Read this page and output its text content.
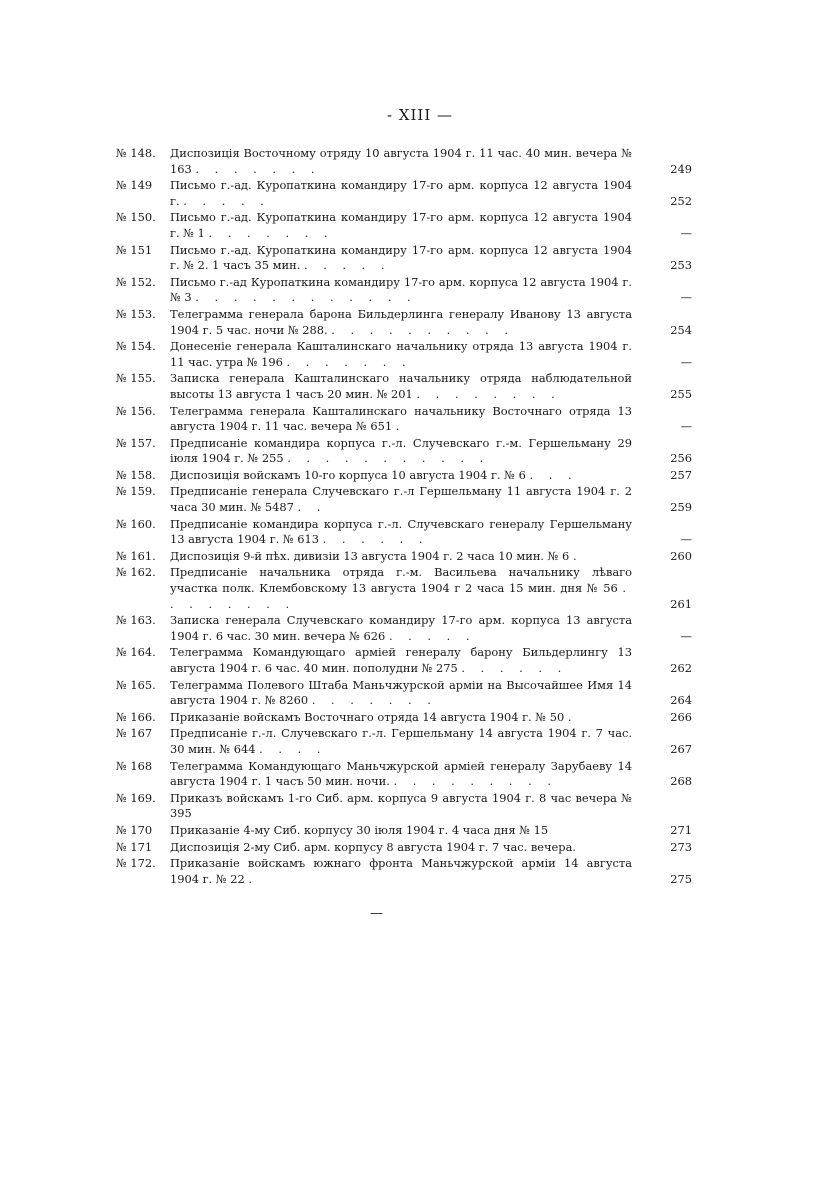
- XIII —
№ 148.	Диспозиція Восточному отряду 10 августа 1904 г. 11 час. 40 мин. вечера № 163 . . . . . . .	249
№ 149	Письмо г.-ад. Куропаткина командиру 17-го арм. корпуса 12 августа 1904 г. . . . . .	252
№ 150.	Письмо г.-ад. Куропаткина командиру 17-го арм. корпуса 12 августа 1904 г. № 1 . . . . . . .	—
№ 151	Письмо г.-ад. Куропаткина командиру 17-го арм. корпуса 12 августа 1904 г. № 2. 1 часъ 35 мин. . . . . .	253
№ 152.	Письмо г.-ад Куропаткина командиру 17-го арм. корпуса 12 августа 1904 г. № 3 . . . . . . . . . . . .	—
№ 153.	Телеграмма генерала барона Бильдерлинга генералу Иванову 13 августа 1904 г. 5 час. ночи № 288. . . . . . . . . . .	254
№ 154.	Донесеніе генерала Кашталинскаго начальнику отряда 13 августа 1904 г. 11 час. утра № 196 . . . . . . .	—
№ 155.	Записка генерала Кашталинскаго начальнику отряда наблюдательной высоты 13 августа 1 часъ 20 мин. № 201 . . . . . . . .	255
№ 156.	Телеграмма генерала Кашталинскаго начальнику Восточнаго отряда 13 августа 1904 г. 11 час. вечера № 651 .	—
№ 157.	Предписаніе командира корпуса г.-л. Случевскаго г.-м. Гершельману 29 іюля 1904 г. № 255 . . . . . . . . . . .	256
№ 158.	Диспозиція войскамъ 10-го корпуса 10 августа 1904 г. № 6 . . .	257
№ 159.	Предписаніе генерала Случевскаго г.-л Гершельману 11 августа 1904 г. 2 часа 30 мин. № 5487 . .	259
№ 160.	Предписаніе командира корпуса г.-л. Случевскаго генералу Гершельману 13 августа 1904 г. № 613 . . . . . .	—
№ 161.	Диспозиція 9-й пѣх. дивизіи 13 августа 1904 г. 2 часа 10 мин. № 6 .	260
№ 162.	Предписаніе начальника отряда г.-м. Васильева начальнику лѣваго участка полк. Клембовскому 13 августа 1904 г 2 часа 15 мин. дня № 56 . . . . . . . .	261
№ 163.	Записка генерала Случевскаго командиру 17-го арм. корпуса 13 августа 1904 г. 6 час. 30 мин. вечера № 626 . . . . .	—
№ 164.	Телеграмма Командующаго арміей генералу барону Бильдерлингу 13 августа 1904 г. 6 час. 40 мин. пополудни № 275 . . . . . .	262
№ 165.	Телеграмма Полевого Штаба Маньчжурской арміи на Высочайшее Имя 14 августа 1904 г. № 8260 . . . . . . .	264
№ 166.	Приказаніе войскамъ Восточнаго отряда 14 августа 1904 г. № 50 .	266
№ 167	Предписаніе г.-л. Случевскаго г.-л. Гершельману 14 августа 1904 г. 7 час. 30 мин. № 644 . . . .	267
№ 168	Телеграмма Командующаго Маньчжурской арміей генералу Зарубаеву 14 августа 1904 г. 1 часъ 50 мин. ночи. . . . . . . . . .	268
№ 169.	Приказъ войскамъ 1-го Сиб. арм. корпуса 9 августа 1904 г. 8 час вечера № 395
№ 170	Приказаніе 4-му Сиб. корпусу 30 іюля 1904 г. 4 часа дня № 15	271
№ 171	Диспозиція 2-му Сиб. арм. корпусу 8 августа 1904 г. 7 час. вечера.	273
№ 172.	Приказаніе войскамъ южнаго фронта Маньчжурской арміи 14 августа 1904 г. № 22 .	275
—
